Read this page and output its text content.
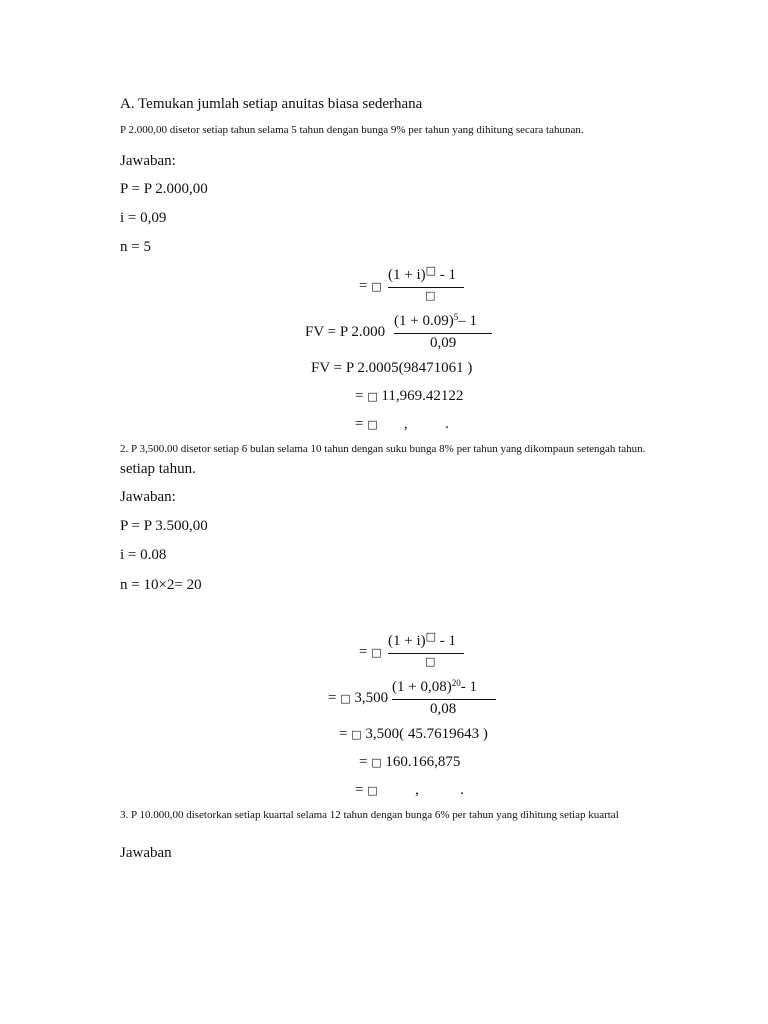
A. Temukan jumlah setiap anuitas biasa sederhana
P 2.000,00 disetor setiap tahun selama 5 tahun dengan bunga 9% per tahun yang dihitung secara tahunan.
Jawaban:
P = P 2.000,00
i = 0,09
n = 5
= □
(1 + i)□ - 1
□
FV = P 2.000
$(1 + 0.09)^5-$ 1
0,09
FV = P 2.0005(98471061 )
= □ 11,969.42122
= □       ,          .
2. P 3,500.00 disetor setiap 6 bulan selama 10 tahun dengan suku bunga 8% per tahun yang dikompaun setengah tahun.
setiap tahun.
Jawaban:
P = P 3.500,00
i = 0.08
n = 10×2= 20
= □
(1 + i)□ - 1
□
= □ 3,500
$(1 + 0,08)^{20}-$ 1
0,08
= □ 3,500( 45.7619643 )
= □ 160.166,875
= □          ,           .
3. P 10.000,00 disetorkan setiap kuartal selama 12 tahun dengan bunga 6% per tahun yang dihitung setiap kuartal
Jawaban
